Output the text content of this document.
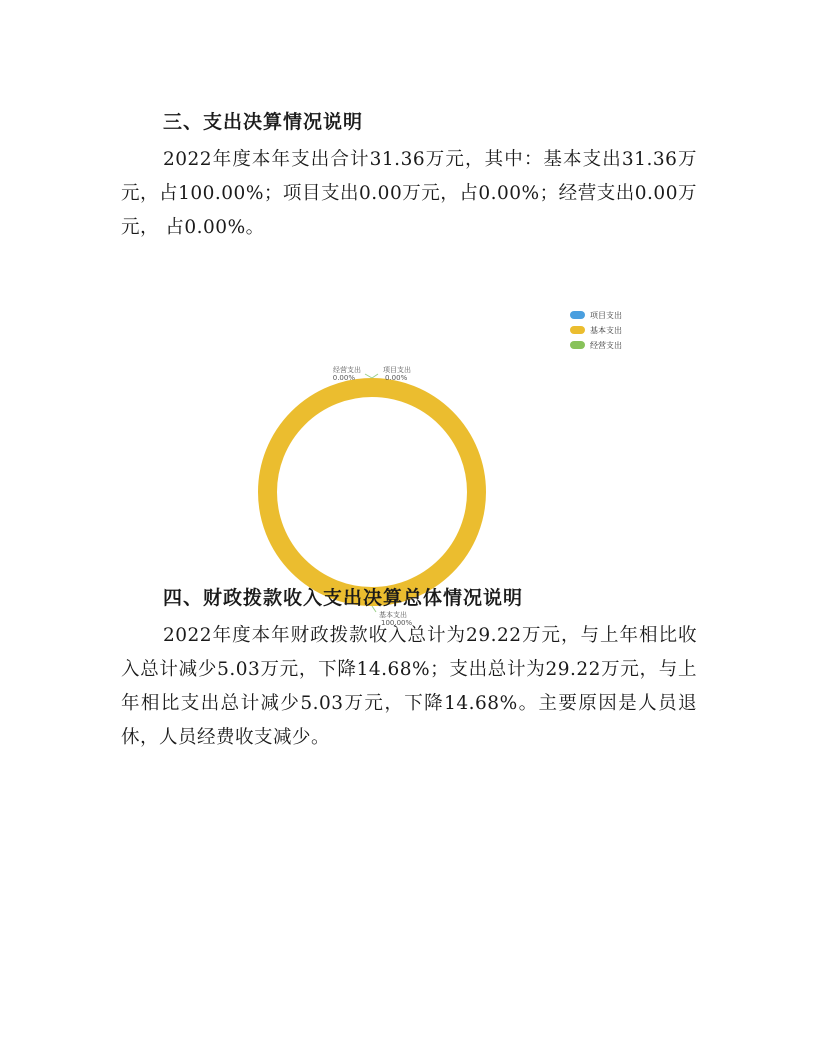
三、支出决算情况说明
2022年度本年支出合计31.36万元，其中：基本支出31.36万元，占100.00%；项目支出0.00万元，占0.00%；经营支出0.00万元， 占0.00%。
项目支出
0.00%
经营支出
0.00%
基本支出
100.00%
项目支出
基本支出
经营支出
四、财政拨款收入支出决算总体情况说明
2022年度本年财政拨款收入总计为29.22万元，与上年相比收入总计减少5.03万元，下降14.68%；支出总计为29.22万元，与上年相比支出总计减少5.03万元，下降14.68%。主要原因是人员退休，人员经费收支减少。
